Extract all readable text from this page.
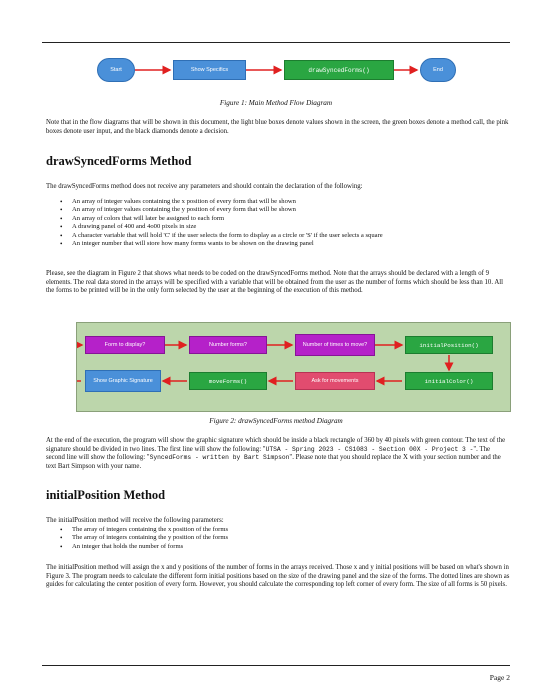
Start	Show Specifics	drawSyncedForms()	End
Figure 1: Main Method Flow Diagram
Note that in the flow diagrams that will be shown in this document, the light blue boxes denote values shown in the screen, the green boxes denote a method call, the pink boxes denote user input, and the black diamonds denote a decision.
drawSyncedForms Method
The drawSyncedForms method does not receive any parameters and should contain the declaration of the following:
• An array of integer values containing the x position of every form that will be shown
• An array of integer values containing the y position of every form that will be shown
• An array of colors that will later be assigned to each form
• A drawing panel of 400 and 4o00 pixels in size
• A character variable that will hold 'C' if the user selects the form to display as a circle or 'S' if the user selects a square
• An integer number that will store how many forms wants to be shown on the drawing panel
Please, see the diagram in Figure 2 that shows what needs to be coded on the drawSyncedForms method. Note that the arrays should be declared with a length of 9 elements. The real data stored in the arrays will be specified with a variable that will be obtained from the user as the number of forms which should be less than 10. All the forms to be printed will be in the only form selected by the user at the beginning of the execution of this method.
Form to display?	Number forms?	Number of times to move?	initialPosition()
Show Graphic Signature	moveForms()	Ask for movements	initialColor()
Figure 2: drawSyncedForms method Diagram
At the end of the execution, the program will show the graphic signature which should be inside a black rectangle of 360 by 40 pixels with green contour. The text of the signature should be divided in two lines. The first line will show the following: "UTSA - Spring 2023 - CS1083 - Section 00X - Project 3 -". The second line will show the following: "SyncedForms - written by Bart Simpson". Please note that you should replace the X with your section number and the text Bart Simpson with your name.
initialPosition Method
The initialPosition method will receive the following parameters:
• The array of integers containing the x position of the forms
• The array of integers containing the y position of the forms
• An integer that holds the number of forms
The initialPosition method will assign the x and y positions of the number of forms in the arrays received. Those x and y initial positions will be based on what's shown in Figure 3. The program needs to calculate the different form initial positions based on the size of the drawing panel and the size of the forms. The dotted lines are shown as guides for calculating the center position of every form. However, you should calculate the corresponding top left corner of every form. The size of all forms is 50 pixels.
Page 2
